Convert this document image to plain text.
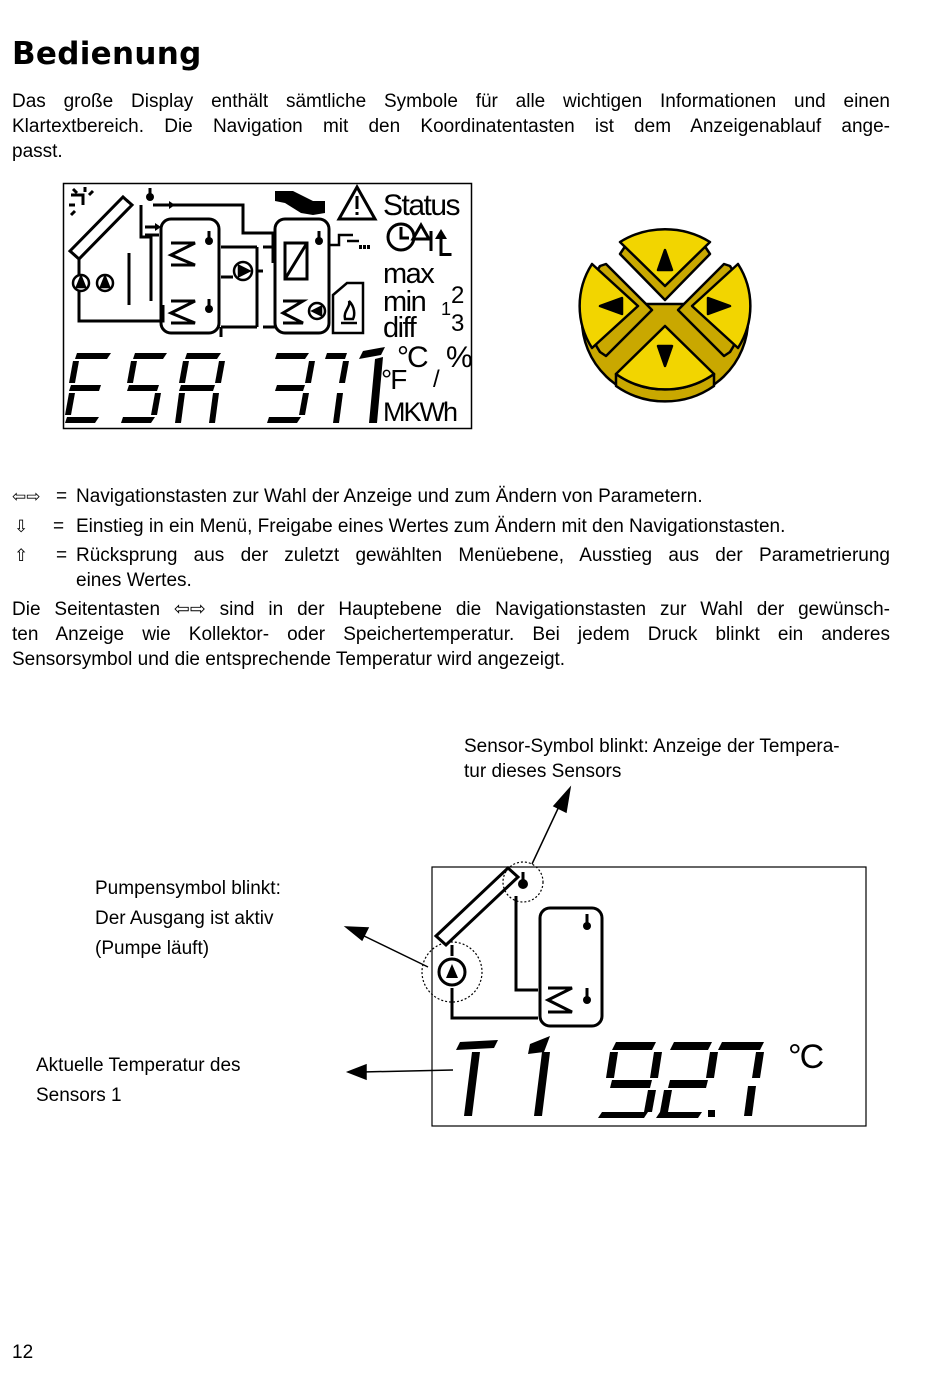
Bedienung
Das große Display enthält sämtliche Symbole für alle wichtigen Informationen und einen
Klartextbereich. Die Navigation mit den Koordinatentasten ist dem Anzeigenablauf ange-
passt.
Status
max
min
diff
2
1
3
°C %
°F /
MKWh
⇦⇨ = Navigationstasten zur Wahl der Anzeige und zum Ändern von Parametern.
⇩ = Einstieg in ein Menü, Freigabe eines Wertes zum Ändern mit den Navigationstasten.
⇧ = Rücksprung aus der zuletzt gewählten Menüebene, Ausstieg aus der Parametrierung
eines Wertes.
Die Seitentasten ⇦⇨ sind in der Hauptebene die Navigationstasten zur Wahl der gewünsch-
ten Anzeige wie Kollektor- oder Speichertemperatur. Bei jedem Druck blinkt ein anderes
Sensorsymbol und die entsprechende Temperatur wird angezeigt.
Sensor-Symbol blinkt: Anzeige der Tempera-
tur dieses Sensors
Pumpensymbol blinkt:
Der Ausgang ist aktiv
(Pumpe läuft)
Aktuelle Temperatur des
Sensors 1
°C
12
